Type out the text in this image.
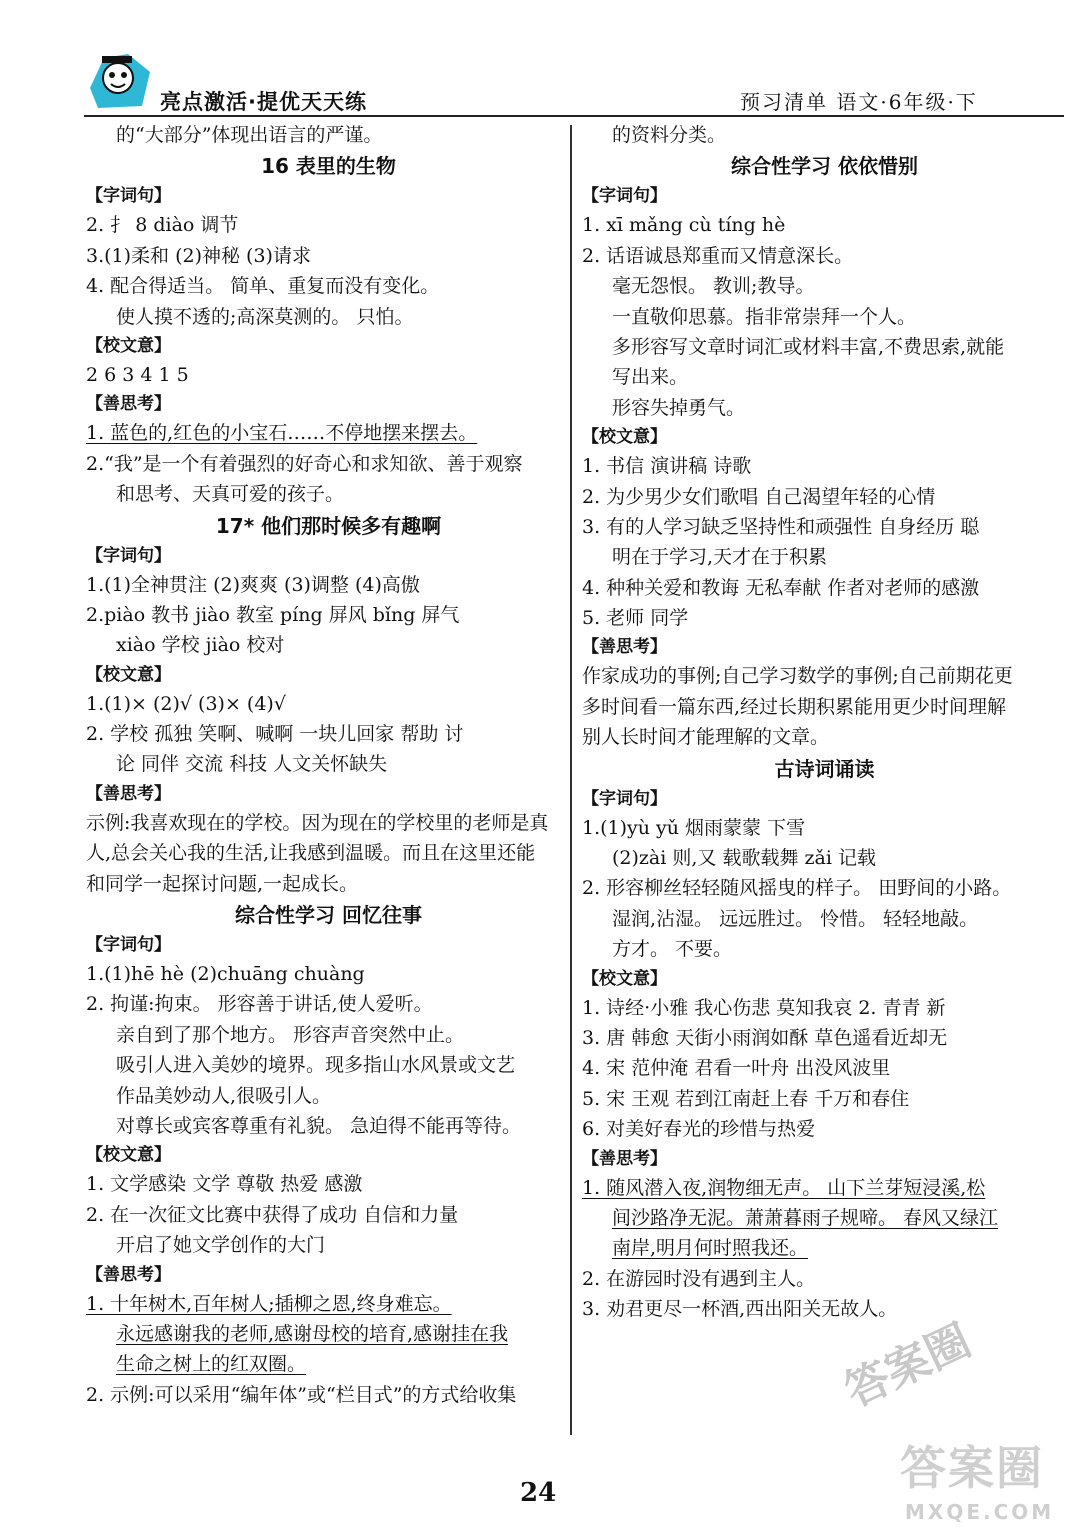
亮点激活·提优天天练	预习清单 语文·6年级·下
的“大部分”体现出语言的严谨。
16 表里的生物
【字词句】
2. 扌 8 diào 调节
3.(1)柔和 (2)神秘 (3)请求
4. 配合得适当。 简单、重复而没有变化。
使人摸不透的;高深莫测的。 只怕。
【校文意】
2 6 3 4 1 5
【善思考】
1. 蓝色的,红色的小宝石……不停地摆来摆去。
2.“我”是一个有着强烈的好奇心和求知欲、善于观察
和思考、天真可爱的孩子。
17* 他们那时候多有趣啊
【字词句】
1.(1)全神贯注 (2)爽爽 (3)调整 (4)高傲
2.piào 教书 jiào 教室 píng 屏风 bǐng 屏气
xiào 学校 jiào 校对
【校文意】
1.(1)× (2)√ (3)× (4)√
2. 学校 孤独 笑啊、喊啊 一块儿回家 帮助 讨
论 同伴 交流 科技 人文关怀缺失
【善思考】
示例:我喜欢现在的学校。因为现在的学校里的老师是真
人,总会关心我的生活,让我感到温暖。而且在这里还能
和同学一起探讨问题,一起成长。
综合性学习 回忆往事
【字词句】
1.(1)hē hè (2)chuāng chuàng
2. 拘谨:拘束。 形容善于讲话,使人爱听。
亲自到了那个地方。 形容声音突然中止。
吸引人进入美妙的境界。现多指山水风景或文艺
作品美妙动人,很吸引人。
对尊长或宾客尊重有礼貌。 急迫得不能再等待。
【校文意】
1. 文学感染 文学 尊敬 热爱 感激
2. 在一次征文比赛中获得了成功 自信和力量
开启了她文学创作的大门
【善思考】
1. 十年树木,百年树人;插柳之恩,终身难忘。
永远感谢我的老师,感谢母校的培育,感谢挂在我
生命之树上的红双圈。
2. 示例:可以采用“编年体”或“栏目式”的方式给收集
的资料分类。
综合性学习 依依惜别
【字词句】
1. xī mǎng cù tíng hè
2. 话语诚恳郑重而又情意深长。
毫无怨恨。 教训;教导。
一直敬仰思慕。指非常崇拜一个人。
多形容写文章时词汇或材料丰富,不费思索,就能
写出来。
形容失掉勇气。
【校文意】
1. 书信 演讲稿 诗歌
2. 为少男少女们歌唱 自己渴望年轻的心情
3. 有的人学习缺乏坚持性和顽强性 自身经历 聪
明在于学习,天才在于积累
4. 种种关爱和教诲 无私奉献 作者对老师的感激
5. 老师 同学
【善思考】
作家成功的事例;自己学习数学的事例;自己前期花更
多时间看一篇东西,经过长期积累能用更少时间理解
别人长时间才能理解的文章。
古诗词诵读
【字词句】
1.(1)yù yǔ 烟雨蒙蒙 下雪
(2)zài 则,又 载歌载舞 zǎi 记载
2. 形容柳丝轻轻随风摇曳的样子。 田野间的小路。
湿润,沾湿。 远远胜过。 怜惜。 轻轻地敲。
方才。 不要。
【校文意】
1. 诗经·小雅 我心伤悲 莫知我哀 2. 青青 新
3. 唐 韩愈 天街小雨润如酥 草色遥看近却无
4. 宋 范仲淹 君看一叶舟 出没风波里
5. 宋 王观 若到江南赶上春 千万和春住
6. 对美好春光的珍惜与热爱
【善思考】
1. 随风潜入夜,润物细无声。 山下兰芽短浸溪,松
间沙路净无泥。萧萧暮雨子规啼。 春风又绿江
南岸,明月何时照我还。
2. 在游园时没有遇到主人。
3. 劝君更尽一杯酒,西出阳关无故人。
24
答案圈
答案圈
MXQE.COM
